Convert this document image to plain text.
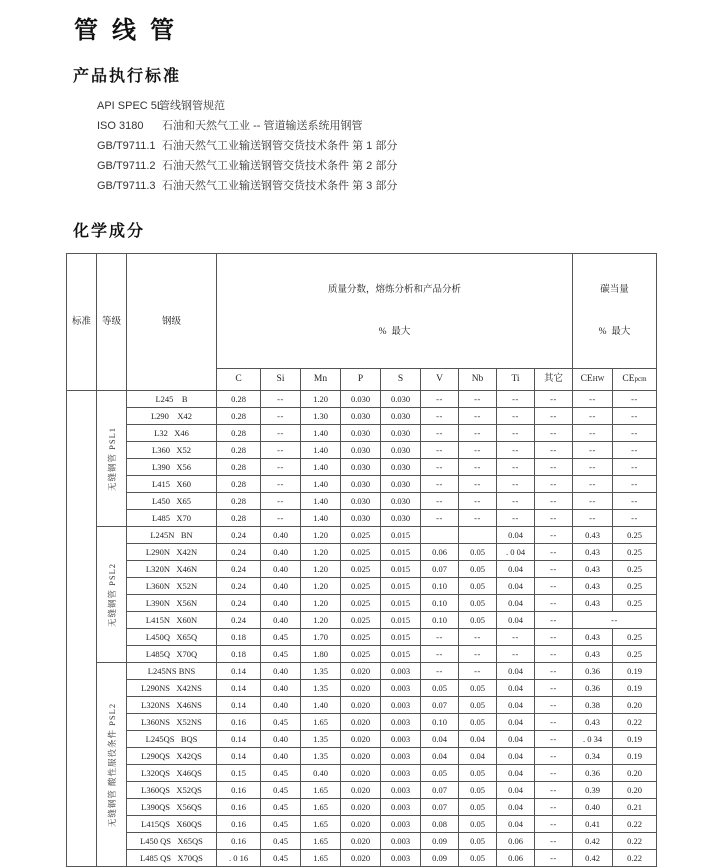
管 线 管
产品执行标准
API SPEC 5L
管线钢管规范
ISO 3180	石油和天然气工业 -- 管道输送系统用钢管
GB/T9711.1 石油天然气工业输送钢管交货技术条件 第 1 部分
GB/T9711.2 石油天然气工业输送钢管交货技术条件 第 2 部分
GB/T9711.3 石油天然气工业输送钢管交货技术条件 第 3 部分
化学成分
标准	等级	钢级	

质量分数，熔炼分析和产品分析

%  最大

碳当量

%  最大

			C	Si	Mn	P	S	V	Nb	Ti	其它	CEHW	CEpcm

	无缝钢管 PSL1	L245    B	0.28	--	1.20	0.030	0.030	--	--	--	--	--	--
		L290    X42	0.28	--	1.30	0.030	0.030	--	--	--	--	--	--
		L32   X46	0.28	--	1.40	0.030	0.030	--	--	--	--	--	--
		L360   X52	0.28	--	1.40	0.030	0.030	--	--	--	--	--	--
		L390   X56	0.28	--	1.40	0.030	0.030	--	--	--	--	--	--
		L415   X60	0.28	--	1.40	0.030	0.030	--	--	--	--	--	--
		L450   X65	0.28	--	1.40	0.030	0.030	--	--	--	--	--	--
		L485   X70	0.28	--	1.40	0.030	0.030	--	--	--	--	--	--

	无缝钢管 PSL2	L245N   BN	0.24	0.40	1.20	0.025	0.015			0.04	--	0.43	0.25
		L290N   X42N	0.24	0.40	1.20	0.025	0.015	0.06	0.05	. 0 04	--	0.43	0.25
		L320N   X46N	0.24	0.40	1.20	0.025	0.015	0.07	0.05	0.04	--	0.43	0.25
		L360N   X52N	0.24	0.40	1.20	0.025	0.015	0.10	0.05	0.04	--	0.43	0.25
		L390N   X56N	0.24	0.40	1.20	0.025	0.015	0.10	0.05	0.04	--	0.43	0.25
		L415N   X60N	0.24	0.40	1.20	0.025	0.015	0.10	0.05	0.04	--	--	
		L450Q   X65Q	0.18	0.45	1.70	0.025	0.015	--	--	--	--	0.43	0.25
		L485Q   X70Q	0.18	0.45	1.80	0.025	0.015	--	--	--	--	0.43	0.25

	无缝钢管 酸性服役条件 PSL2	L245NS BNS	0.14	0.40	1.35	0.020	0.003	--	--	0.04	--	0.36	0.19
		L290NS   X42NS	0.14	0.40	1.35	0.020	0.003	0.05	0.05	0.04	--	0.36	0.19
		L320NS   X46NS	0.14	0.40	1.40	0.020	0.003	0.07	0.05	0.04	--	0.38	0.20
		L360NS   X52NS	0.16	0.45	1.65	0.020	0.003	0.10	0.05	0.04	--	0.43	0.22
		L245QS   BQS	0.14	0.40	1.35	0.020	0.003	0.04	0.04	0.04	--	. 0 34	0.19
		L290QS   X42QS	0.14	0.40	1.35	0.020	0.003	0.04	0.04	0.04	--	0.34	0.19
		L320QS   X46QS	0.15	0.45	0.40	0.020	0.003	0.05	0.05	0.04	--	0.36	0.20
		L360QS   X52QS	0.16	0.45	1.65	0.020	0.003	0.07	0.05	0.04	--	0.39	0.20
		L390QS   X56QS	0.16	0.45	1.65	0.020	0.003	0.07	0.05	0.04	--	0.40	0.21
		L415QS   X60QS	0.16	0.45	1.65	0.020	0.003	0.08	0.05	0.04	--	0.41	0.22
		L450 QS   X65QS	0.16	0.45	1.65	0.020	0.003	0.09	0.05	0.06	--	0.42	0.22
		L485 QS   X70QS	. 0 16	0.45	1.65	0.020	0.003	0.09	0.05	0.06	--	0.42	0.22
